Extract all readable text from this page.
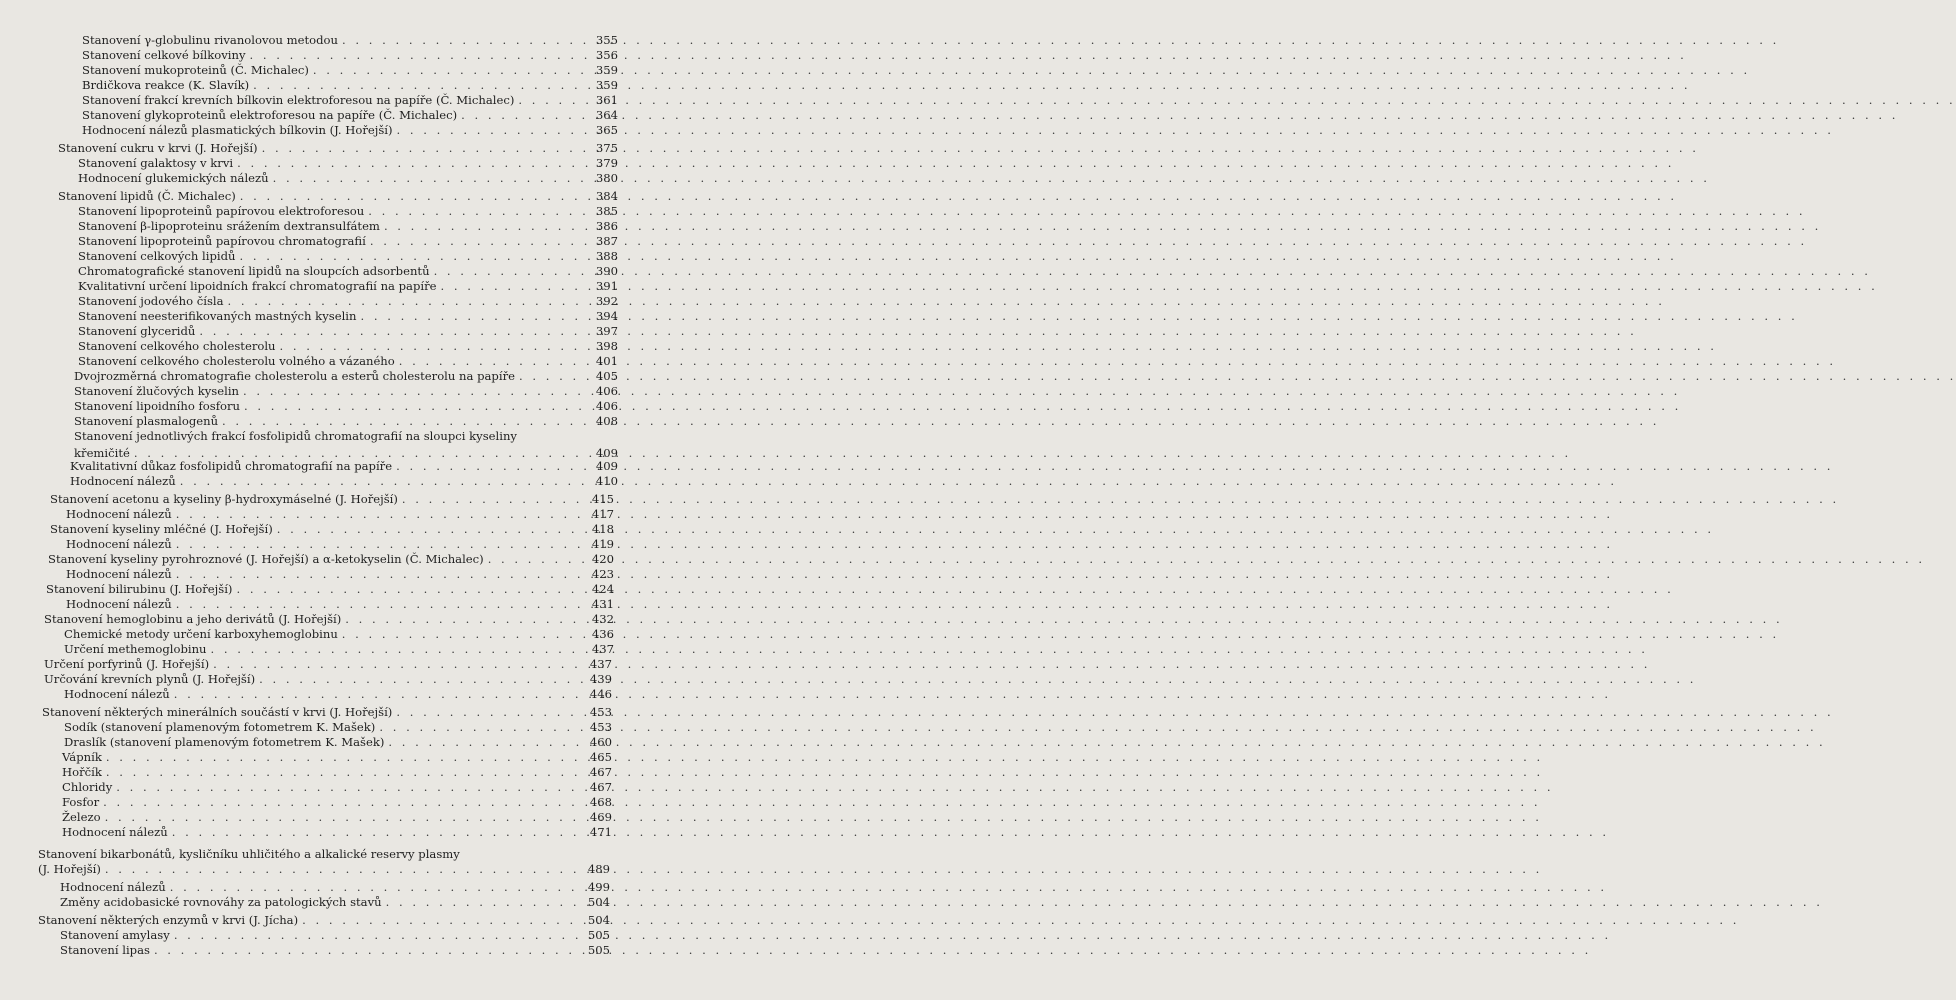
Stanovení γ-globulinu rivanolovou metodou . . .	355
Stanovení celkové bílkoviny . . .	356
Stanovení mukoproteinů (Č. Michalec) . . .	359
Brdičkova reakce (K. Slavík) . . .	359
Stanovení frakcí krevních bílkovin elektroforesou na papíře (Č. Michalec) . . .	361
Stanovení glykoproteinů elektroforesou na papíře (Č. Michalec) . . .	364
Hodnocení nálezů plasmatických bílkovin (J. Hořejší) . . .	365
Stanovení cukru v krvi (J. Hořejší) . . .	375
Stanovení galaktosy v krvi . . .	379
Hodnocení glukemických nálezů . . .	380
Stanovení lipidů (Č. Michalec) . . .	384
Stanovení lipoproteinů papírovou elektroforesou . . .	385
Stanovení β-lipoproteinu srážením dextransulfátem . . .	386
Stanovení lipoproteinů papírovou chromatografií . . .	387
Stanovení celkových lipidů . . .	388
Chromatografické stanovení lipidů na sloupcích adsorbentů . . .	390
Kvalitativní určení lipoidních frakcí chromatografií na papíře . . .	391
Stanovení jodového čísla . . .	392
Stanovení neesterifikovaných mastných kyselin . . .	394
Stanovení glyceridů . . .	397
Stanovení celkového cholesterolu . . .	398
Stanovení celkového cholesterolu volného a vázaného . . .	401
Dvojrozměrná chromatografie cholesterolu a esterů cholesterolu na papíře . . .	405
Stanovení žlučových kyselin . . .	406
Stanovení lipoidního fosforu . . .	406
Stanovení plasmalogenů . . .	408
Stanovení jednotlivých frakcí fosfolipidů chromatografií na sloupci kyseliny
křemičité . . .	409
Kvalitativní důkaz fosfolipidů chromatografií na papíře . . .	409
Hodnocení nálezů . . .	410
Stanovení acetonu a kyseliny β-hydroxymáselné (J. Hořejší) . . .	415
Hodnocení nálezů . . .	417
Stanovení kyseliny mléčné (J. Hořejší) . . .	418
Hodnocení nálezů . . .	419
Stanovení kyseliny pyrohroznové (J. Hořejší) a α-ketokyselin (Č. Michalec) . . .	420
Hodnocení nálezů . . .	423
Stanovení bilirubinu (J. Hořejší) . . .	424
Hodnocení nálezů . . .	431
Stanovení hemoglobinu a jeho derivátů (J. Hořejší) . . .	432
Chemické metody určení karboxyhemoglobinu . . .	436
Určení methemoglobinu . . .	437
Určení porfyrinů (J. Hořejší) . . .	437
Určování krevních plynů (J. Hořejší) . . .	439
Hodnocení nálezů . . .	446
Stanovení některých minerálních součástí v krvi (J. Hořejší) . . .	453
Sodík (stanovení plamenovým fotometrem K. Mašek) . . .	453
Draslík (stanovení plamenovým fotometrem K. Mašek) . . .	460
Vápník . . .	465
Hořčík . . .	467
Chloridy . . .	467
Fosfor . . .	468
Železo . . .	469
Hodnocení nálezů . . .	471
Stanovení bikarbonátů, kysličníku uhličitého a alkalické reservy plasmy
(J. Hořejší) . . .	489
Hodnocení nálezů . . .	499
Změny acidobasické rovnováhy za patologických stavů . . .	504
Stanovení některých enzymů v krvi (J. Jícha) . . .	504
Stanovení amylasy . . .	505
Stanovení lipas . . .	505
